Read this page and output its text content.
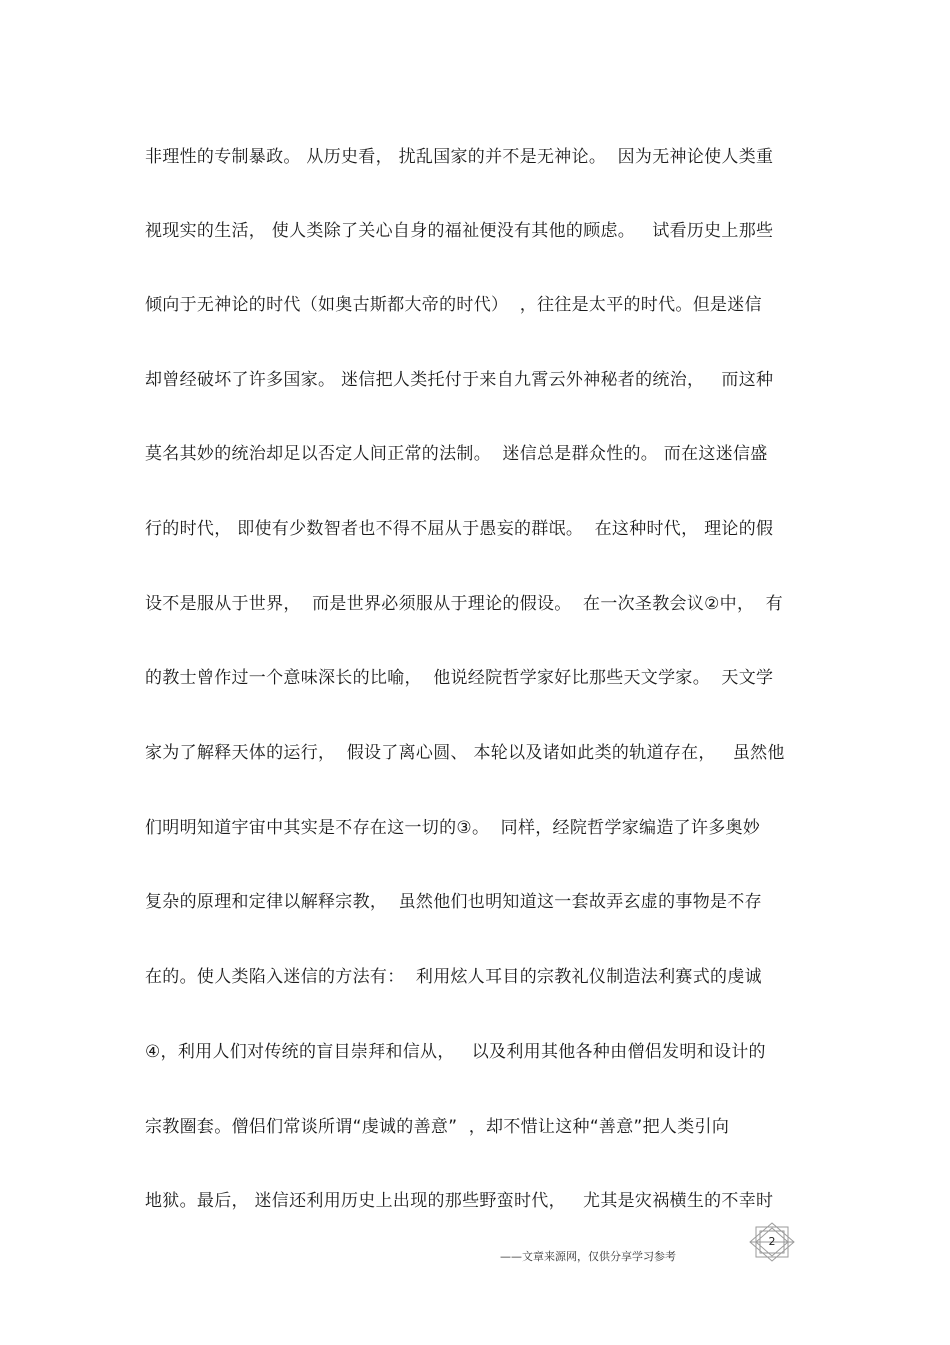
非理性的专制暴政。 从历史看， 扰乱国家的并不是无神论。  因为无神论使人类重
视现实的生活， 使人类除了关心自身的福祉便没有其他的顾虑。   试看历史上那些
倾向于无神论的时代（如奥古斯都大帝的时代）  ，往往是太平的时代。但是迷信
却曾经破坏了许多国家。 迷信把人类托付于来自九霄云外神秘者的统治，   而这种
莫名其妙的统治却足以否定人间正常的法制。  迷信总是群众性的。 而在这迷信盛
行的时代， 即使有少数智者也不得不屈从于愚妄的群氓。  在这种时代， 理论的假
设不是服从于世界，  而是世界必须服从于理论的假设。  在一次圣教会议②中，  有
的教士曾作过一个意味深长的比喻，  他说经院哲学家好比那些天文学家。  天文学
家为了解释天体的运行，  假设了离心圆、 本轮以及诸如此类的轨道存在，   虽然他
们明明知道宇宙中其实是不存在这一切的③。  同样，经院哲学家编造了许多奥妙
复杂的原理和定律以解释宗教，  虽然他们也明知道这一套故弄玄虚的事物是不存
在的。使人类陷入迷信的方法有：  利用炫人耳目的宗教礼仪制造法利赛式的虔诚
④，利用人们对传统的盲目崇拜和信从，   以及利用其他各种由僧侣发明和设计的
宗教圈套。僧侣们常谈所谓“虔诚的善意”  ，却不惜让这种“善意”把人类引向
地狱。最后， 迷信还利用历史上出现的那些野蛮时代，   尤其是灾祸横生的不幸时
——文章来源网，仅供分享学习参考
2
